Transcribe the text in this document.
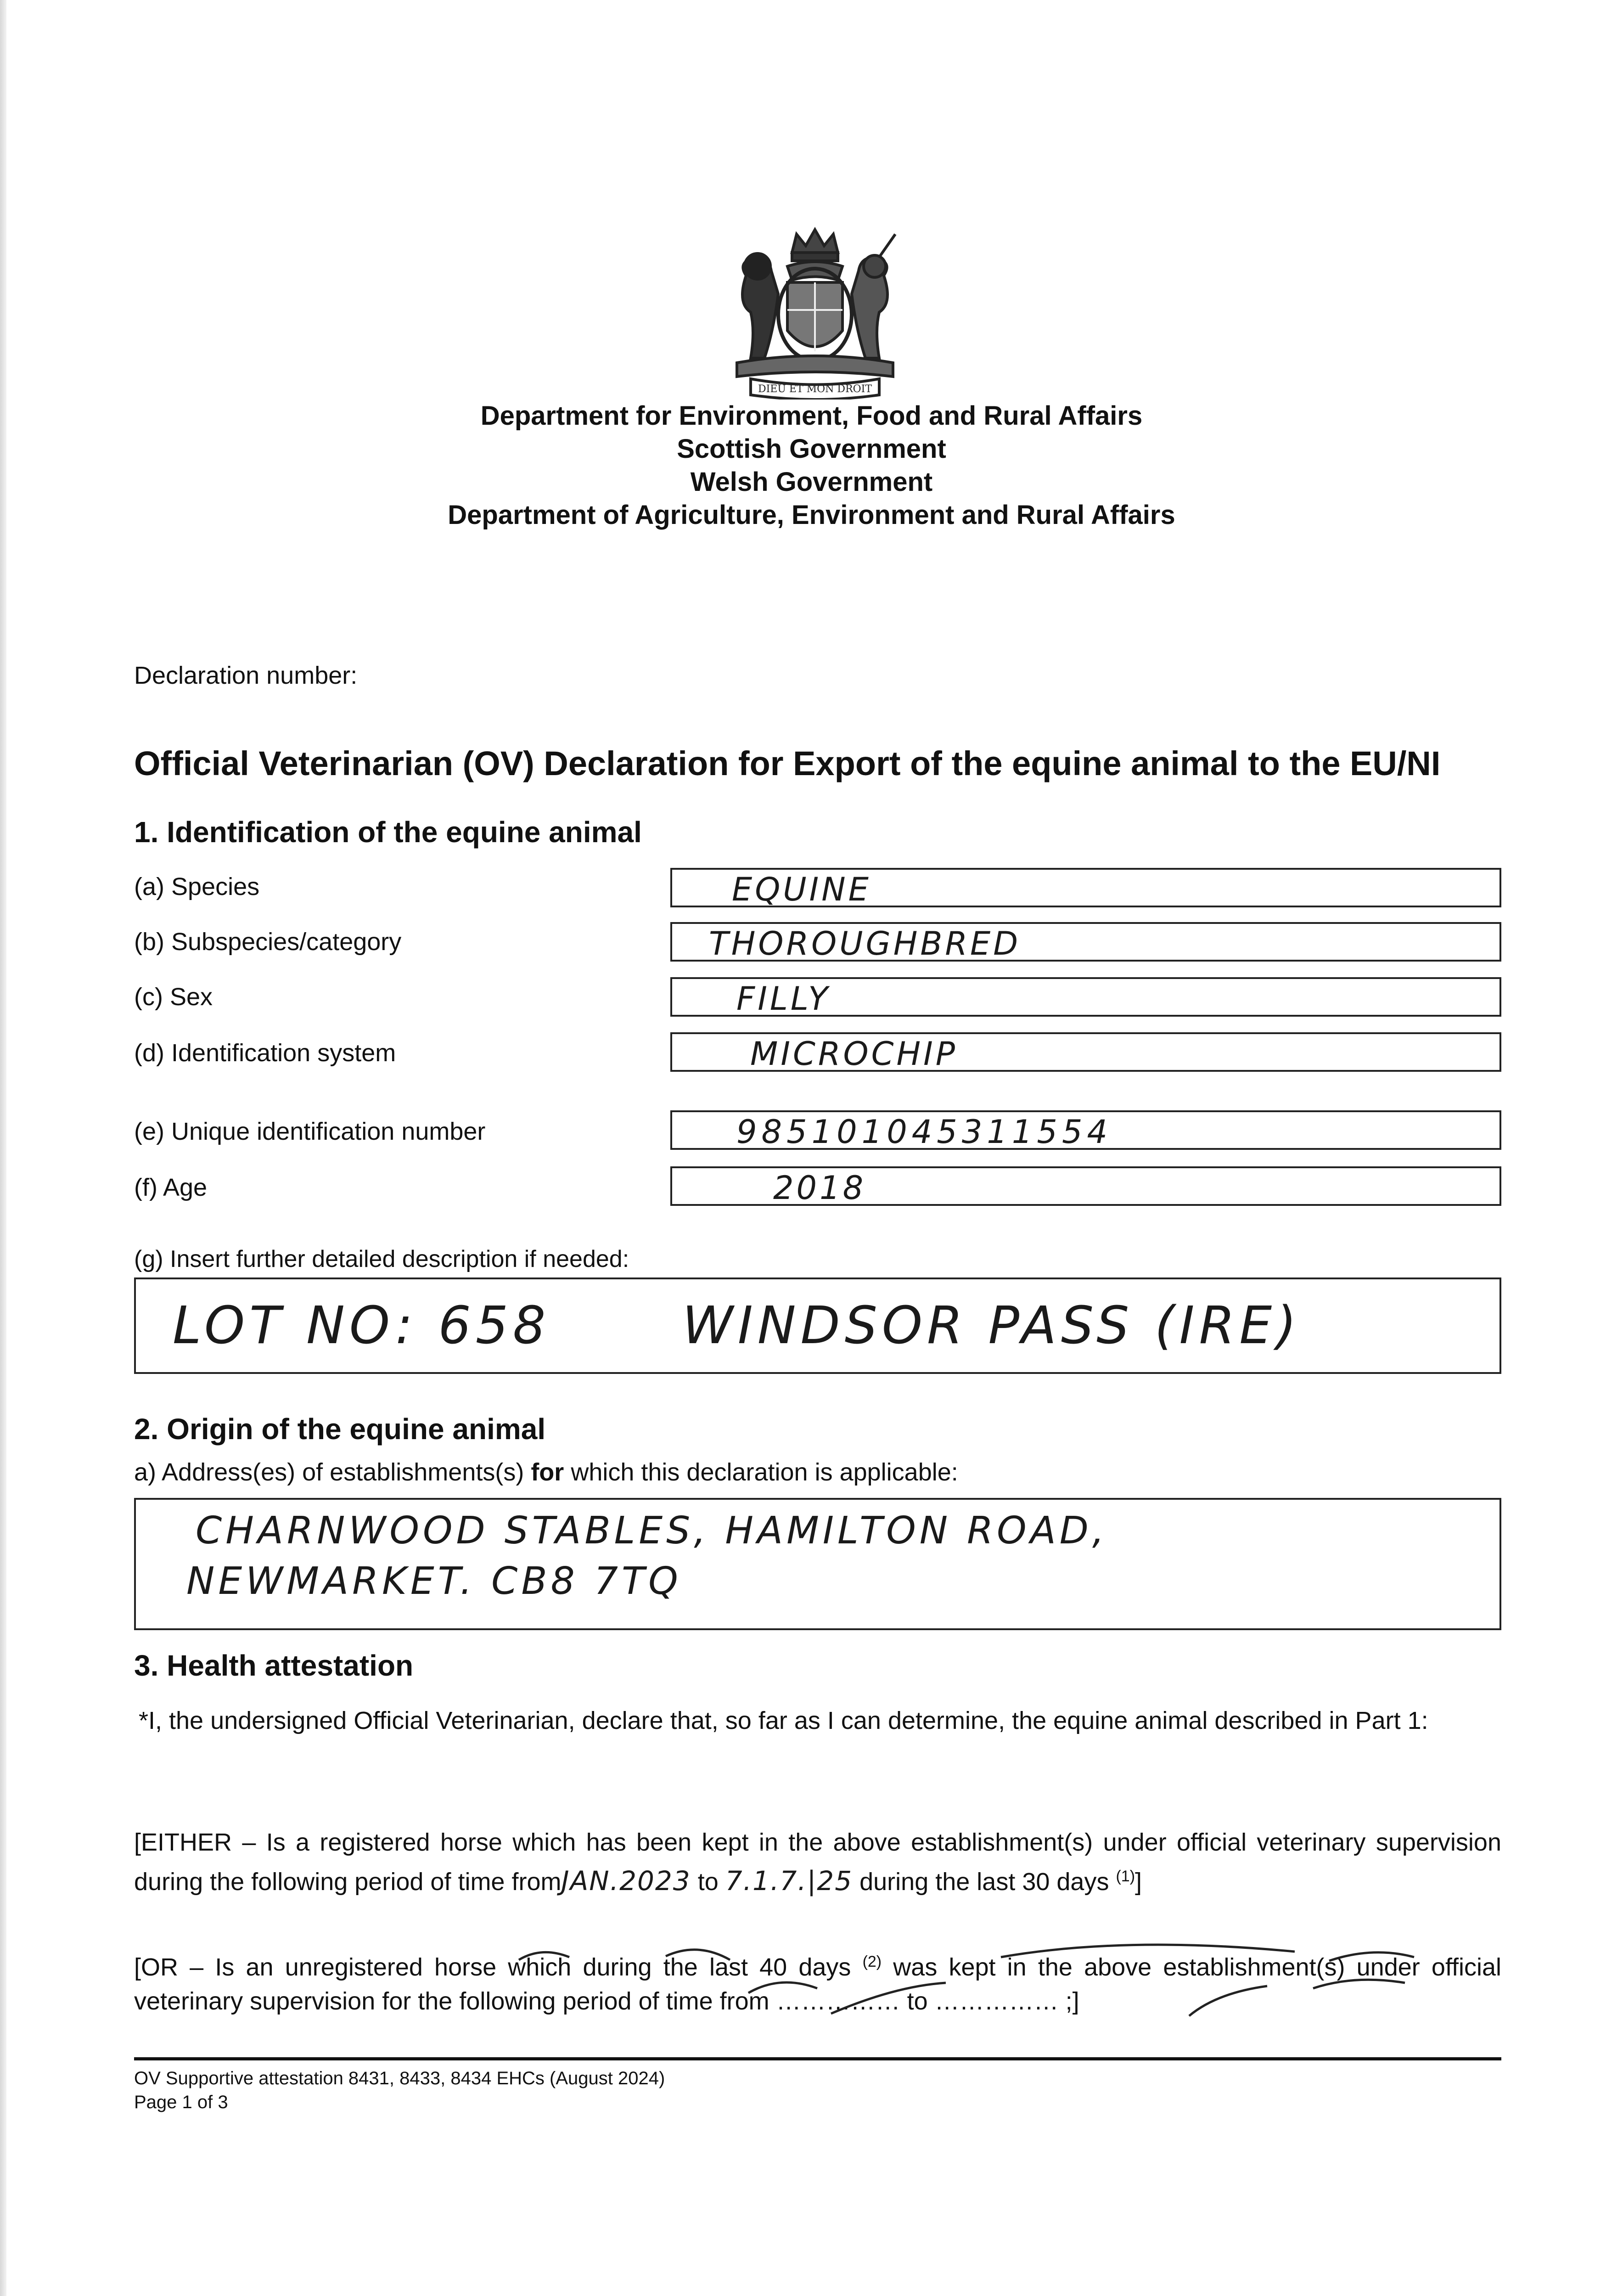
DIEU ET MON DROIT
Department for Environment, Food and Rural Affairs
Scottish Government
Welsh Government
Department of Agriculture, Environment and Rural Affairs
Declaration number:
Official Veterinarian (OV) Declaration for Export of the equine animal to the EU/NI
1. Identification of the equine animal
(a) Species	EQUINE
(b) Subspecies/category	THOROUGHBRED
(c) Sex	FILLY
(d) Identification system	MICROCHIP
(e) Unique identification number	985101045311554
(f) Age	2018
(g) Insert further detailed description if needed:
LOT NO: 658	WINDSOR PASS (IRE)
2. Origin of the equine animal
a) Address(es) of establishments(s) for which this declaration is applicable:
CHARNWOOD STABLES, HAMILTON ROAD,
NEWMARKET. CB8 7TQ
3. Health attestation
*I, the undersigned Official Veterinarian, declare that, so far as I can determine, the equine animal described in Part 1:
[EITHER – Is a registered horse which has been kept in the above establishment(s) under official veterinary supervision during the following period of time fromJAN.2023 to 7.1.7.|25 during the last 30 days $^{(1)}$]
[OR – Is an unregistered horse which during the last 40 days $^{(2)}$ was kept in the above establishment(s) under official veterinary supervision for the following period of time from …………… to …………… ;]
OV Supportive attestation 8431, 8433, 8434 EHCs (August 2024)
Page 1 of 3
